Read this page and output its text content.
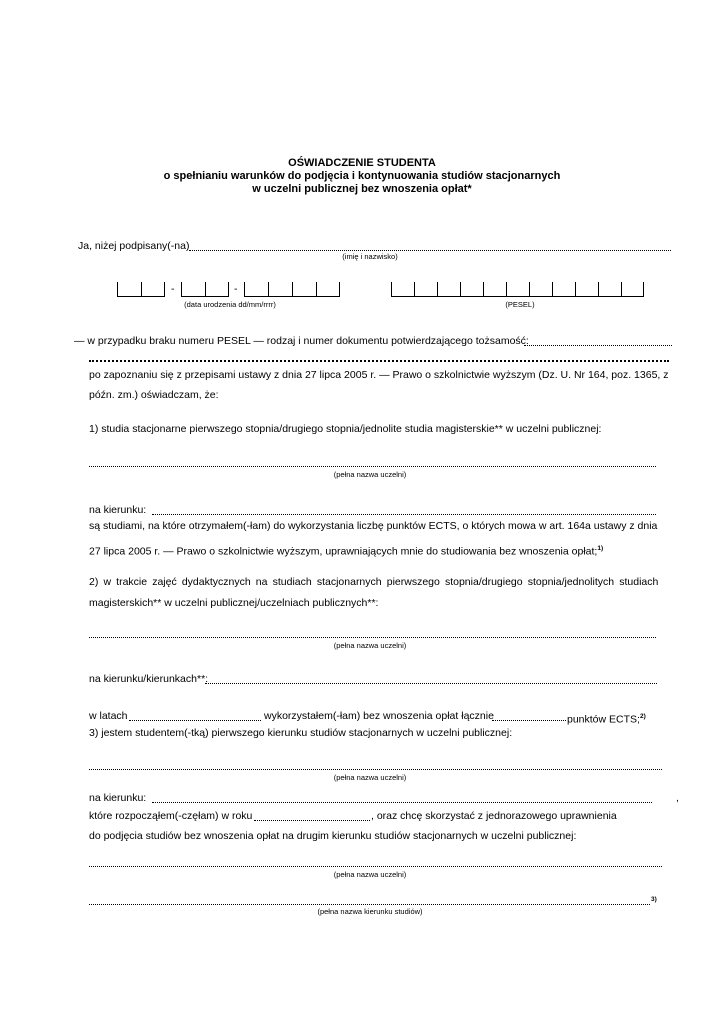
OŚWIADCZENIE STUDENTA
o spełnianiu warunków do podjęcia i kontynuowania studiów stacjonarnych
w uczelni publicznej bez wnoszenia opłat*
Ja, niżej podpisany(-na)
(imię i nazwisko)
-	-
(data urodzenia dd/mm/rrrr)	(PESEL)
— w przypadku braku numeru PESEL — rodzaj i numer dokumentu potwierdzającego tożsamość:
po zapoznaniu się z przepisami ustawy z dnia 27 lipca 2005 r. — Prawo o szkolnictwie wyższym (Dz. U. Nr 164, poz. 1365, z
późn. zm.) oświadczam, że:
1) studia stacjonarne pierwszego stopnia/drugiego stopnia/jednolite studia magisterskie** w uczelni publicznej:
(pełna nazwa uczelni)
na kierunku:
są studiami, na które otrzymałem(-łam) do wykorzystania liczbę punktów ECTS, o których mowa w art. 164a ustawy z dnia
27 lipca 2005 r. — Prawo o szkolnictwie wyższym, uprawniających mnie do studiowania bez wnoszenia opłat;$^{1)}$
2) w trakcie zajęć dydaktycznych na studiach stacjonarnych pierwszego stopnia/drugiego stopnia/jednolitych studiach
magisterskich** w uczelni publicznej/uczelniach publicznych**:
(pełna nazwa uczelni)
na kierunku/kierunkach**:
w latach	wykorzystałem(-łam) bez wnoszenia opłat łącznie	punktów ECTS;$^{2)}$
3) jestem studentem(-tką) pierwszego kierunku studiów stacjonarnych w uczelni publicznej:
(pełna nazwa uczelni)
na kierunku:	,
które rozpocząłem(-częłam) w roku	, oraz chcę skorzystać z jednorazowego uprawnienia
do podjęcia studiów bez wnoszenia opłat na drugim kierunku studiów stacjonarnych w uczelni publicznej:
(pełna nazwa uczelni)
3)
(pełna nazwa kierunku studiów)
